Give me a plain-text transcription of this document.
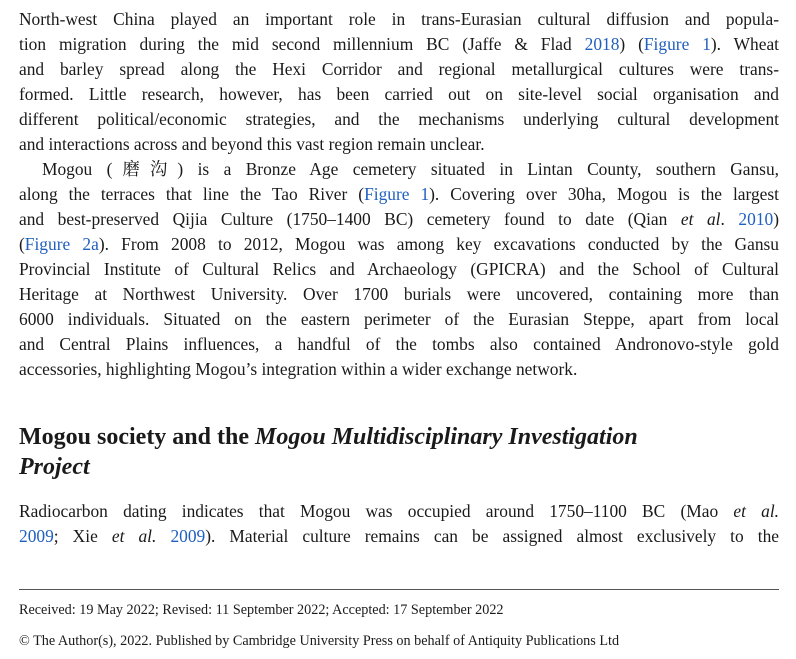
North-west China played an important role in trans-Eurasian cultural diffusion and popula-
tion migration during the mid second millennium BC (Jaffe & Flad 2018) (Figure 1). Wheat
and barley spread along the Hexi Corridor and regional metallurgical cultures were trans-
formed. Little research, however, has been carried out on site-level social organisation and
different political/economic strategies, and the mechanisms underlying cultural development
and interactions across and beyond this vast region remain unclear.
Mogou (磨沟) is a Bronze Age cemetery situated in Lintan County, southern Gansu,
along the terraces that line the Tao River (Figure 1). Covering over 30ha, Mogou is the largest
and best-preserved Qijia Culture (1750–1400 BC) cemetery found to date (Qian et al. 2010)
(Figure 2a). From 2008 to 2012, Mogou was among key excavations conducted by the Gansu
Provincial Institute of Cultural Relics and Archaeology (GPICRA) and the School of Cultural
Heritage at Northwest University. Over 1700 burials were uncovered, containing more than
6000 individuals. Situated on the eastern perimeter of the Eurasian Steppe, apart from local
and Central Plains influences, a handful of the tombs also contained Andronovo-style gold
accessories, highlighting Mogou’s integration within a wider exchange network.
Mogou society and the Mogou Multidisciplinary Investigation
Project
Radiocarbon dating indicates that Mogou was occupied around 1750–1100 BC (Mao et al.
2009; Xie et al. 2009). Material culture remains can be assigned almost exclusively to the
Received: 19 May 2022; Revised: 11 September 2022; Accepted: 17 September 2022
© The Author(s), 2022. Published by Cambridge University Press on behalf of Antiquity Publications Ltd
